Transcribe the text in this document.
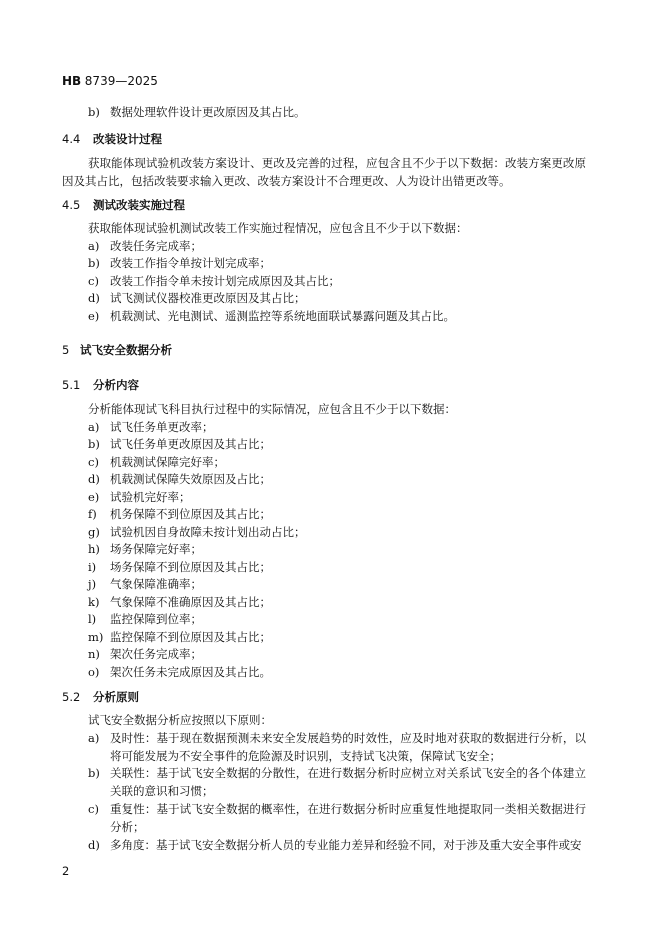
HB 8739—2025
b) 数据处理软件设计更改原因及其占比。
4.4 改装设计过程

获取能体现试验机改装方案设计、更改及完善的过程，应包含且不少于以下数据：改装方案更改原因及其占比，包括改装要求输入更改、改装方案设计不合理更改、人为设计出错更改等。

4.5 测试改装实施过程

获取能体现试验机测试改装工作实施过程情况，应包含且不少于以下数据：

a) 改装任务完成率；
b) 改装工作指令单按计划完成率；
c) 改装工作指令单未按计划完成原因及其占比；
d) 试飞测试仪器校准更改原因及其占比；
e) 机载测试、光电测试、遥测监控等系统地面联试暴露问题及其占比。
5 试飞安全数据分析
5.1 分析内容

分析能体现试飞科目执行过程中的实际情况，应包含且不少于以下数据：

a) 试飞任务单更改率；
b) 试飞任务单更改原因及其占比；
c) 机载测试保障完好率；
d) 机载测试保障失效原因及占比；
e) 试验机完好率；
f) 机务保障不到位原因及其占比；
g) 试验机因自身故障未按计划出动占比；
h) 场务保障完好率；
i) 场务保障不到位原因及其占比；
j) 气象保障准确率；
k) 气象保障不准确原因及其占比；
l) 监控保障到位率；
m) 监控保障不到位原因及其占比；
n) 架次任务完成率；
o) 架次任务未完成原因及其占比。
5.2 分析原则

试飞安全数据分析应按照以下原则：

a) 及时性：基于现在数据预测未来安全发展趋势的时效性，应及时地对获取的数据进行分析，以将可能发展为不安全事件的危险源及时识别，支持试飞决策，保障试飞安全；
b) 关联性：基于试飞安全数据的分散性，在进行数据分析时应树立对关系试飞安全的各个体建立关联的意识和习惯；
c) 重复性：基于试飞安全数据的概率性，在进行数据分析时应重复性地提取同一类相关数据进行分析；
d) 多角度：基于试飞安全数据分析人员的专业能力差异和经验不同，对于涉及重大安全事件或安
2
